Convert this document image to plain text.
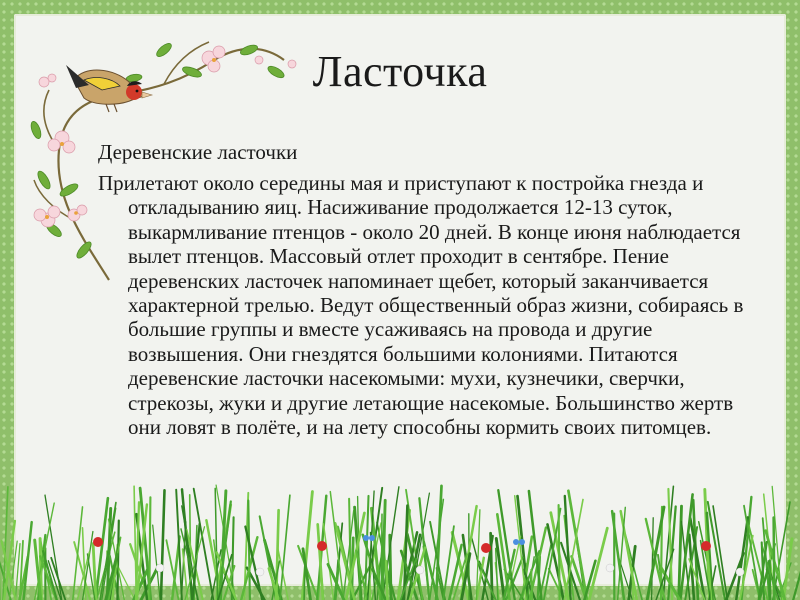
Ласточка

Деревенские ласточки

Прилетают около середины мая и приступают к постройка гнезда и откладыванию яиц. Насиживание продолжается 12-13 суток, выкармливание птенцов - около 20 дней. В конце июня наблюдается вылет птенцов. Массовый отлет проходит в сентябре. Пение деревенских ласточек напоминает щебет, который заканчивается характерной трелью. Ведут общественный образ жизни, собираясь в большие группы и вместе усаживаясь на провода и другие возвышения. Они гнездятся большими колониями. Питаются деревенские ласточки насекомыми: мухи, кузнечики, сверчки, стрекозы, жуки и другие летающие насекомые. Большинство жертв они ловят в полёте, и на лету способны кормить своих питомцев.
